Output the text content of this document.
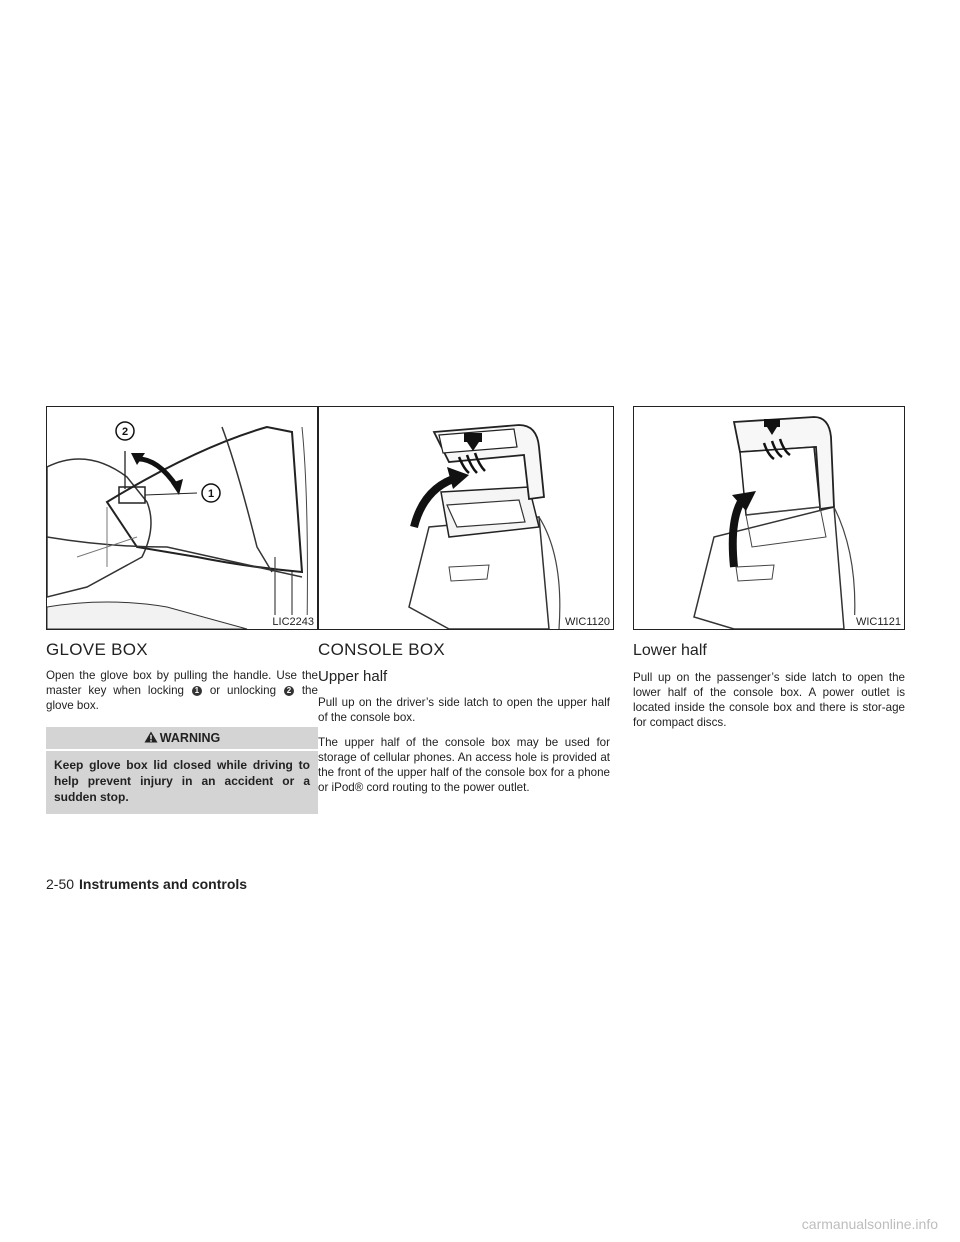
2
1
LIC2243
GLOVE BOX

Open the glove box by pulling the handle. Use the master key when locking 1 or unlocking 2 the glove box.

WARNING
Keep glove box lid closed while driving to help prevent injury in an accident or a sudden stop.
WIC1120
CONSOLE BOX
Upper half

Pull up on the driver’s side latch to open the upper half of the console box.

The upper half of the console box may be used for storage of cellular phones. An access hole is provided at the front of the upper half of the console box for a phone or iPod® cord routing to the power outlet.

WIC1121
Lower half

Pull up on the passenger’s side latch to open the lower half of the console box. A power outlet is located inside the console box and there is stor-age for compact discs.

2-50 Instruments and controls
carmanualsonline.info
